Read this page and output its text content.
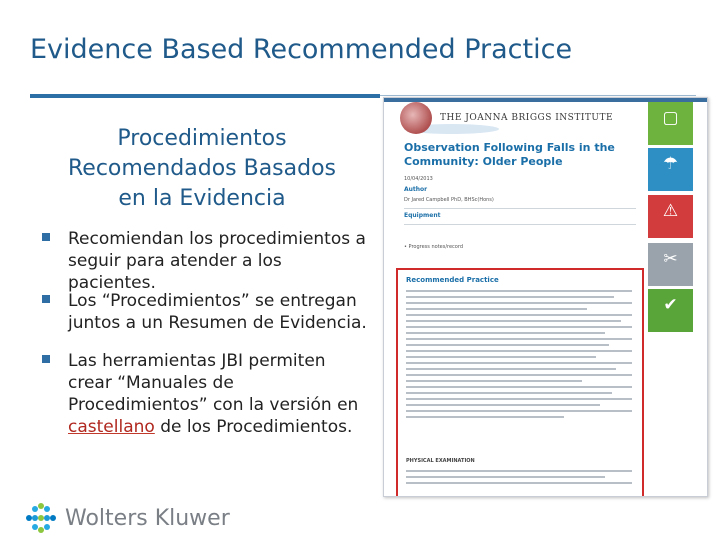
Evidence Based Recommended Practice
Procedimientos
Recomendados Basados
en la Evidencia
Recomiendan los procedimientos a seguir para atender a los pacientes.
Los “Procedimientos” se entregan juntos a un Resumen de Evidencia.
Las herramientas JBI permiten crear “Manuales de Procedimientos” con la versión en castellano de los Procedimientos.
THE JOANNA BRIGGS INSTITUTE
Observation Following Falls in the Community: Older People
10/04/2013
Author
Dr Jared Campbell PhD, BHSc(Hons)
Equipment
• Progress notes/record
▢
☂
⚠
✂
✔
Recommended Practice
PHYSICAL EXAMINATION
Wolters Kluwer
